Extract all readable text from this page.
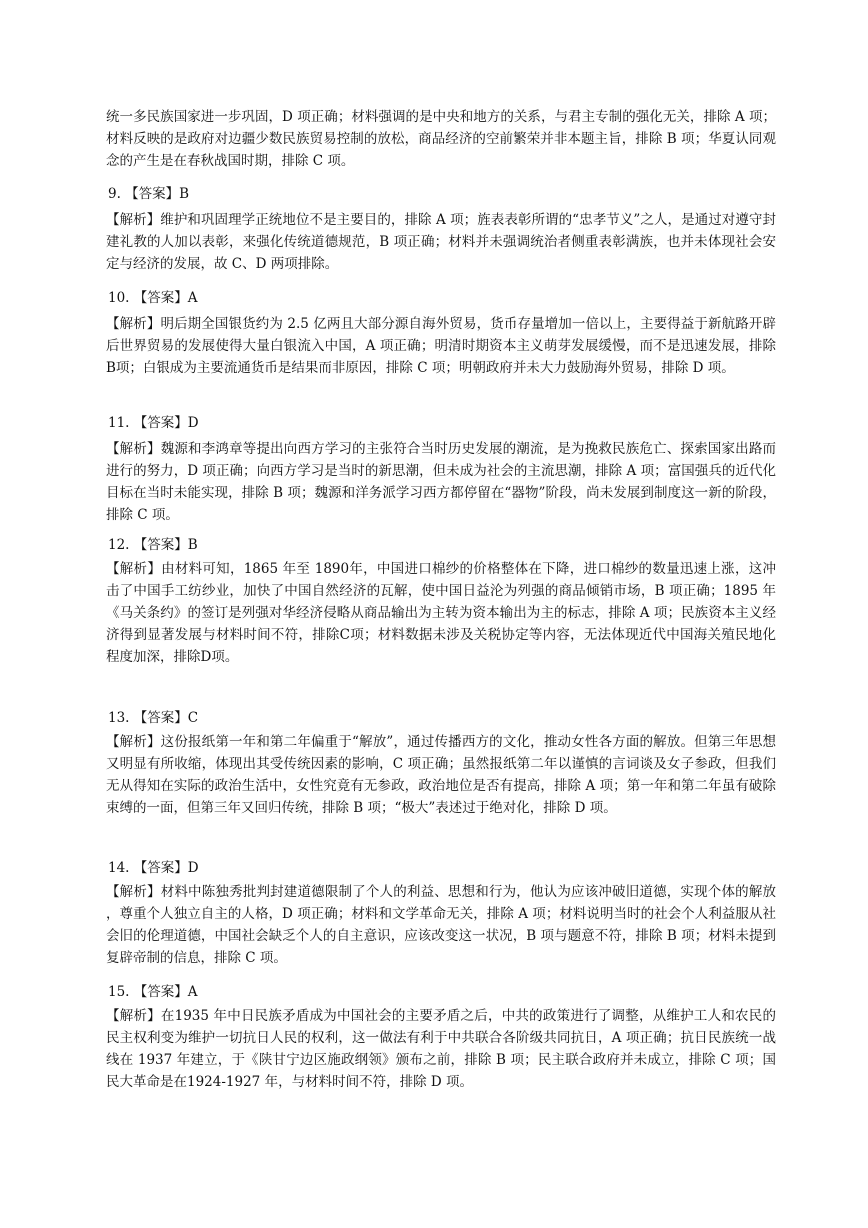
统一多民族国家进一步巩固，D 项正确；材料强调的是中央和地方的关系，与君主专制的强化无关，排除 A 项；材料反映的是政府对边疆少数民族贸易控制的放松，商品经济的空前繁荣并非本题主旨，排除 B 项；华夏认同观念的产生是在春秋战国时期，排除 C 项。

9. 【答案】B

【解析】维护和巩固理学正统地位不是主要目的，排除 A 项；旌表表彰所谓的“忠孝节义”之人，是通过对遵守封建礼教的人加以表彰，来强化传统道德规范，B 项正确；材料并未强调统治者侧重表彰满族，也并未体现社会安定与经济的发展，故 C、D 两项排除。

10. 【答案】A

【解析】明后期全国银货约为 2.5 亿两且大部分源自海外贸易，货币存量增加一倍以上，主要得益于新航路开辟后世界贸易的发展使得大量白银流入中国，A 项正确；明清时期资本主义萌芽发展缓慢，而不是迅速发展，排除B项；白银成为主要流通货币是结果而非原因，排除 C 项；明朝政府并未大力鼓励海外贸易，排除 D 项。

11. 【答案】D

【解析】魏源和李鸿章等提出向西方学习的主张符合当时历史发展的潮流，是为挽救民族危亡、探索国家出路而进行的努力，D 项正确；向西方学习是当时的新思潮，但未成为社会的主流思潮，排除 A 项；富国强兵的近代化目标在当时未能实现，排除 B 项；魏源和洋务派学习西方都停留在“器物”阶段，尚未发展到制度这一新的阶段，排除 C 项。

12. 【答案】B

【解析】由材料可知，1865 年至 1890年，中国进口棉纱的价格整体在下降，进口棉纱的数量迅速上涨，这冲击了中国手工纺纱业，加快了中国自然经济的瓦解，使中国日益沦为列强的商品倾销市场，B 项正确；1895 年《马关条约》的签订是列强对华经济侵略从商品输出为主转为资本输出为主的标志，排除 A 项；民族资本主义经济得到显著发展与材料时间不符，排除C项；材料数据未涉及关税协定等内容，无法体现近代中国海关殖民地化程度加深，排除D项。

13. 【答案】C

【解析】这份报纸第一年和第二年偏重于“解放”，通过传播西方的文化，推动女性各方面的解放。但第三年思想又明显有所收缩，体现出其受传统因素的影响，C 项正确；虽然报纸第二年以谨慎的言词谈及女子参政，但我们无从得知在实际的政治生活中，女性究竟有无参政，政治地位是否有提高，排除 A 项；第一年和第二年虽有破除束缚的一面，但第三年又回归传统，排除 B 项；“极大”表述过于绝对化，排除 D 项。

14. 【答案】D

【解析】材料中陈独秀批判封建道德限制了个人的利益、思想和行为，他认为应该冲破旧道德，实现个体的解放，尊重个人独立自主的人格，D 项正确；材料和文学革命无关，排除 A 项；材料说明当时的社会个人利益服从社会旧的伦理道德，中国社会缺乏个人的自主意识，应该改变这一状况，B 项与题意不符，排除 B 项；材料未提到复辟帝制的信息，排除 C 项。

15. 【答案】A

【解析】在1935 年中日民族矛盾成为中国社会的主要矛盾之后，中共的政策进行了调整，从维护工人和农民的民主权利变为维护一切抗日人民的权利，这一做法有利于中共联合各阶级共同抗日，A 项正确；抗日民族统一战线在 1937 年建立，于《陕甘宁边区施政纲领》颁布之前，排除 B 项；民主联合政府并未成立，排除 C 项；国民大革命是在1924-1927 年，与材料时间不符，排除 D 项。
